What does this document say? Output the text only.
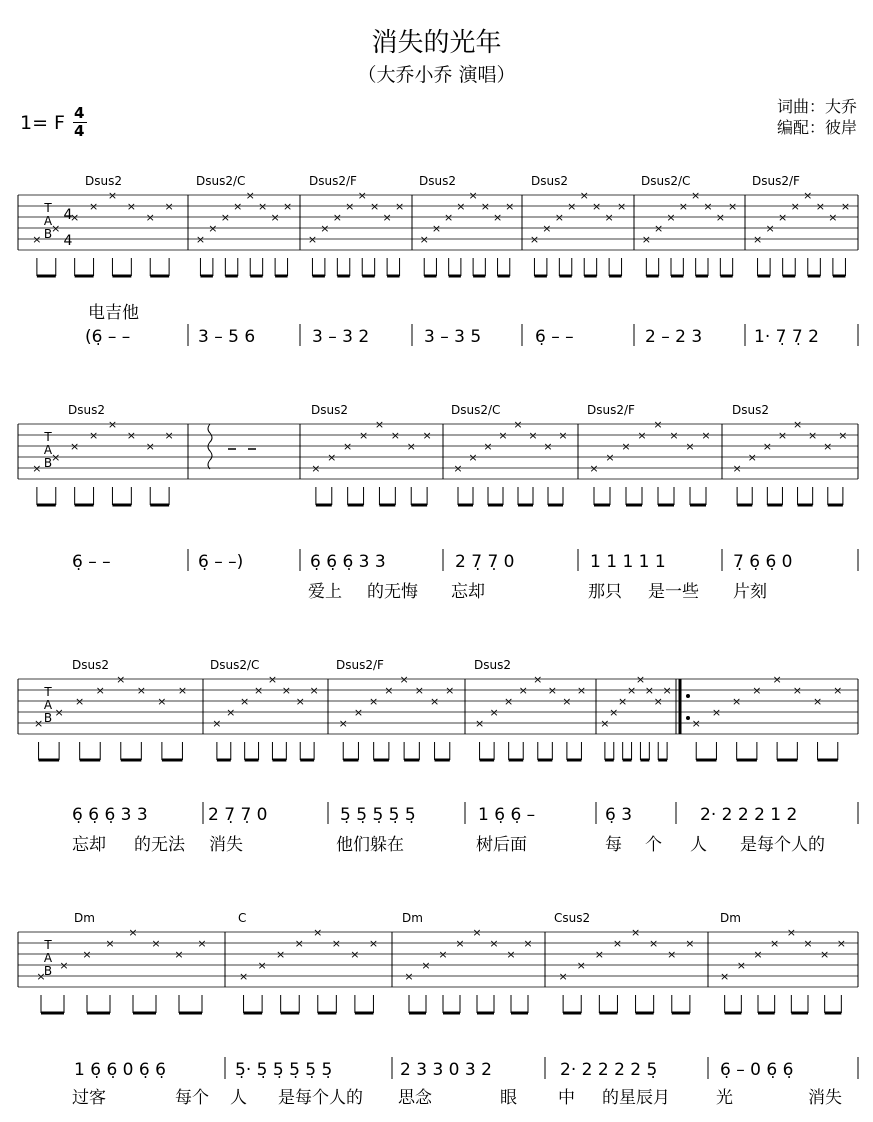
消失的光年
（大乔小乔 演唱）
1= F 4
4
词曲：大乔
编配：彼岸
电吉他
T
A
B
4
4
Dsus2	Dsus2/C	Dsus2/F	Dsus2	Dsus2	Dsus2/C	Dsus2/F
×
×
×
×
×
×
×
×
×
×
×
×
×
×
×
×
×
×
×
×
×
×
×
×
×
×
×
×
×
×
×
×
×
×
×
×
×
×
×
×
×
×
×
×
×
×
×
×
×
×
×
×
×
×
×
×
(6̣ – –	3 – 5 6	3 – 3 2	3 – 3 5	6̣ – –	2 – 2 3	1· 7̣ 7̣ 2
T
A
B
Dsus2	Dsus2	Dsus2/C	Dsus2/F	Dsus2
×
×
×
×
×
×
×
×
×
×
×
×
×
×
×
×
×
×
×
×
×
×
×
×
×
×
×
×
×
×
×
×
×
×
×
×
×
×
×
×
6̣ – –	6̣ – –)	6̣ 6̣ 6̣ 3 3	2 7̣ 7̣ 0	1 1 1 1 1	7̣ 6̣ 6̣ 0
爱上 的无悔 忘却	那只 是一些 片刻
T
A
B
Dsus2	Dsus2/C	Dsus2/F	Dsus2
×
×
×
×
×
×
×
×
×
×
×
×
×
×
×
×
×
×
×
×
×
×
×
×
×
×
×
×
×
×
×
×
×
×
×
×
×
×
×
×
×
×
×
×
×
×
×
×
6̣ 6̣ 6̣ 3 3	2 7̣ 7̣ 0	5̣ 5̣ 5̣ 5̣ 5̣	1 6̣ 6̣ –	6̣ 3	2· 2 2 2 1 2
忘却 的无法 消失	他们躲在	树后面	每 个 人 是每个人的
T
A
B
Dm	C	Dm	Csus2	Dm
×
×
×
×
×
×
×
×
×
×
×
×
×
×
×
×
×
×
×
×
×
×
×
×
×
×
×
×
×
×
×
×
×
×
×
×
×
×
×
×
1 6̣ 6̣ 0 6̣ 6̣	5̣· 5̣ 5̣ 5̣ 5̣ 5̣	2 3 3 0 3 2	2· 2 2 2 2 5̣	6̣ – 0 6̣ 6̣
过客	每个 人 是每个人的 思念	眼 中 的星辰月	光	消失
